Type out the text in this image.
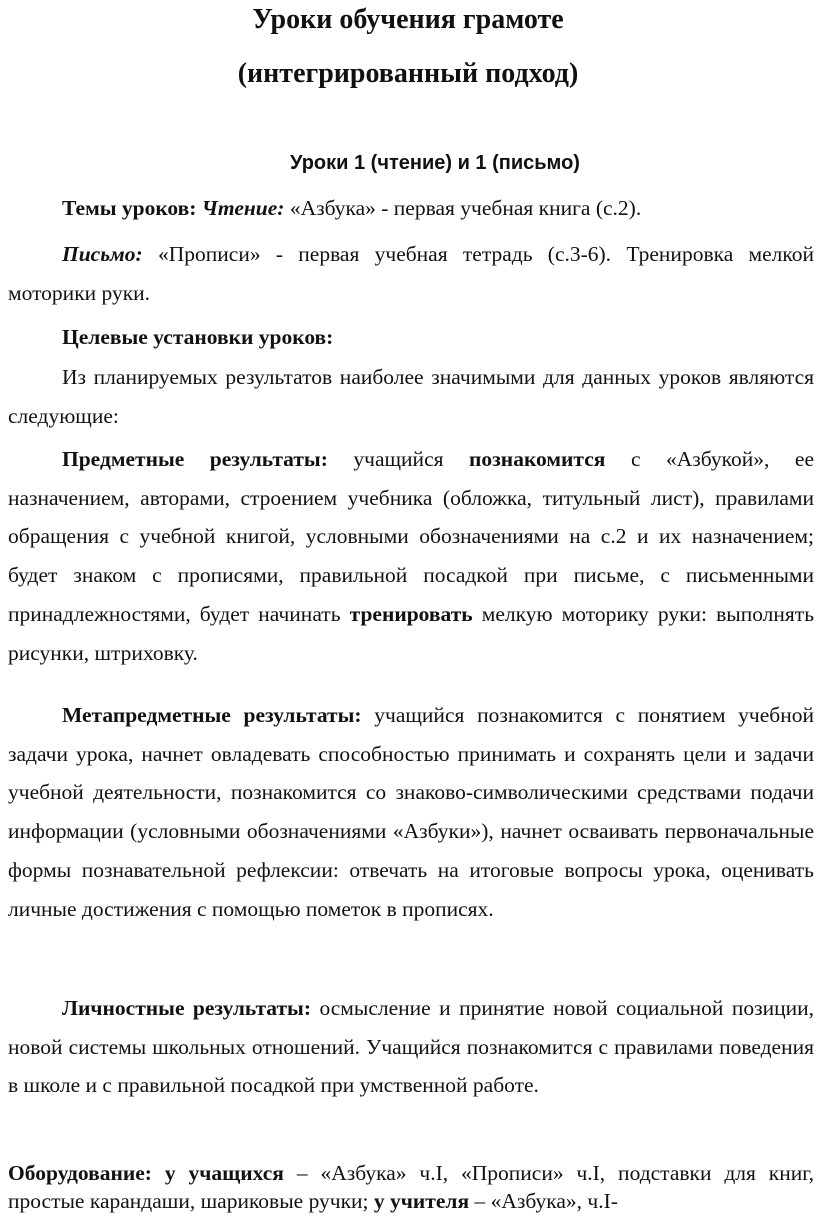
Уроки обучения грамоте
(интегрированный подход)
Уроки 1 (чтение) и 1 (письмо)

Темы уроков: Чтение: «Азбука» - первая учебная книга (с.2).

Письмо: «Прописи» - первая учебная тетрадь (с.3-6). Тренировка мелкой моторики руки.

Целевые установки уроков:

Из планируемых результатов наиболее значимыми для данных уроков являются следующие:

Предметные результаты: учащийся познакомится с «Азбукой», ее назначением, авторами, строением учебника (обложка, титульный лист), правилами обращения с учебной книгой, условными обозначениями на с.2 и их назначением; будет знаком с прописями, правильной посадкой при письме, с письменными принадлежностями, будет начинать тренировать мелкую моторику руки: выполнять рисунки, штриховку.

Метапредметные результаты: учащийся познакомится с понятием учебной задачи урока, начнет овладевать способностью принимать и сохранять цели и задачи учебной деятельности, познакомится со знаково-символическими средствами подачи информации (условными обозначениями «Азбуки»), начнет осваивать первоначальные формы познавательной рефлексии: отвечать на итоговые вопросы урока, оценивать личные достижения с помощью пометок в прописях.

Личностные результаты: осмысление и принятие новой социальной позиции, новой системы школьных отношений. Учащийся познакомится с правилами поведения в школе и с правильной посадкой при умственной работе.

Оборудование: у учащихся – «Азбука» ч.I, «Прописи» ч.I, подставки для книг, простые карандаши, шариковые ручки; у учителя – «Азбука», ч.I-
